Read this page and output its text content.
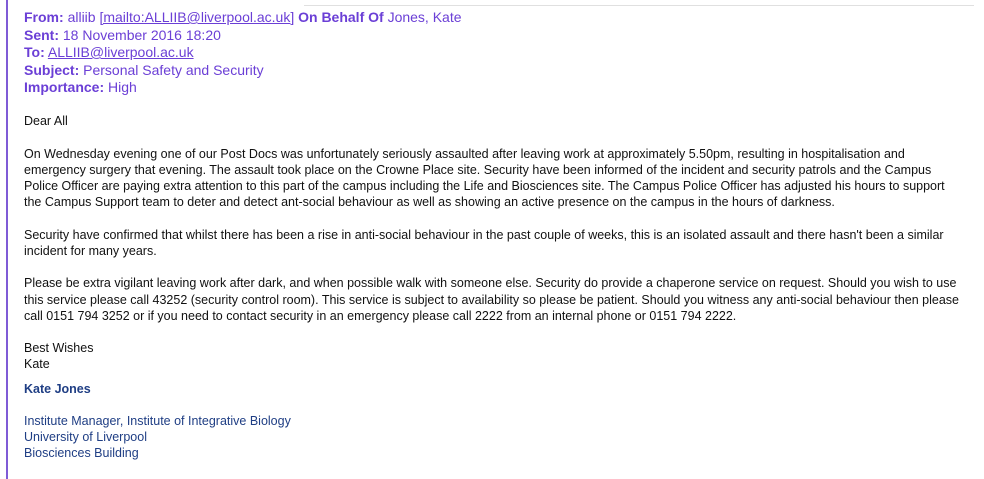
From: alliib [mailto:ALLIIB@liverpool.ac.uk] On Behalf Of Jones, Kate
Sent: 18 November 2016 18:20
To: ALLIIB@liverpool.ac.uk
Subject: Personal Safety and Security
Importance: High

Dear All

On Wednesday evening one of our Post Docs was unfortunately seriously assaulted after leaving work at approximately 5.50pm, resulting in hospitalisation and emergency surgery that evening. The assault took place on the Crowne Place site. Security have been informed of the incident and security patrols and the Campus Police Officer are paying extra attention to this part of the campus including the Life and Biosciences site. The Campus Police Officer has adjusted his hours to support the Campus Support team to deter and detect ant-social behaviour as well as showing an active presence on the campus in the hours of darkness.

Security have confirmed that whilst there has been a rise in anti-social behaviour in the past couple of weeks, this is an isolated assault and there hasn't been a similar incident for many years.

Please be extra vigilant leaving work after dark, and when possible walk with someone else. Security do provide a chaperone service on request. Should you wish to use this service please call 43252 (security control room). This service is subject to availability so please be patient. Should you witness any anti-social behaviour then please call 0151 794 3252 or if you need to contact security in an emergency please call 2222 from an internal phone or 0151 794 2222.

Best Wishes
Kate
Kate Jones
Institute Manager, Institute of Integrative Biology
University of Liverpool
Biosciences Building
